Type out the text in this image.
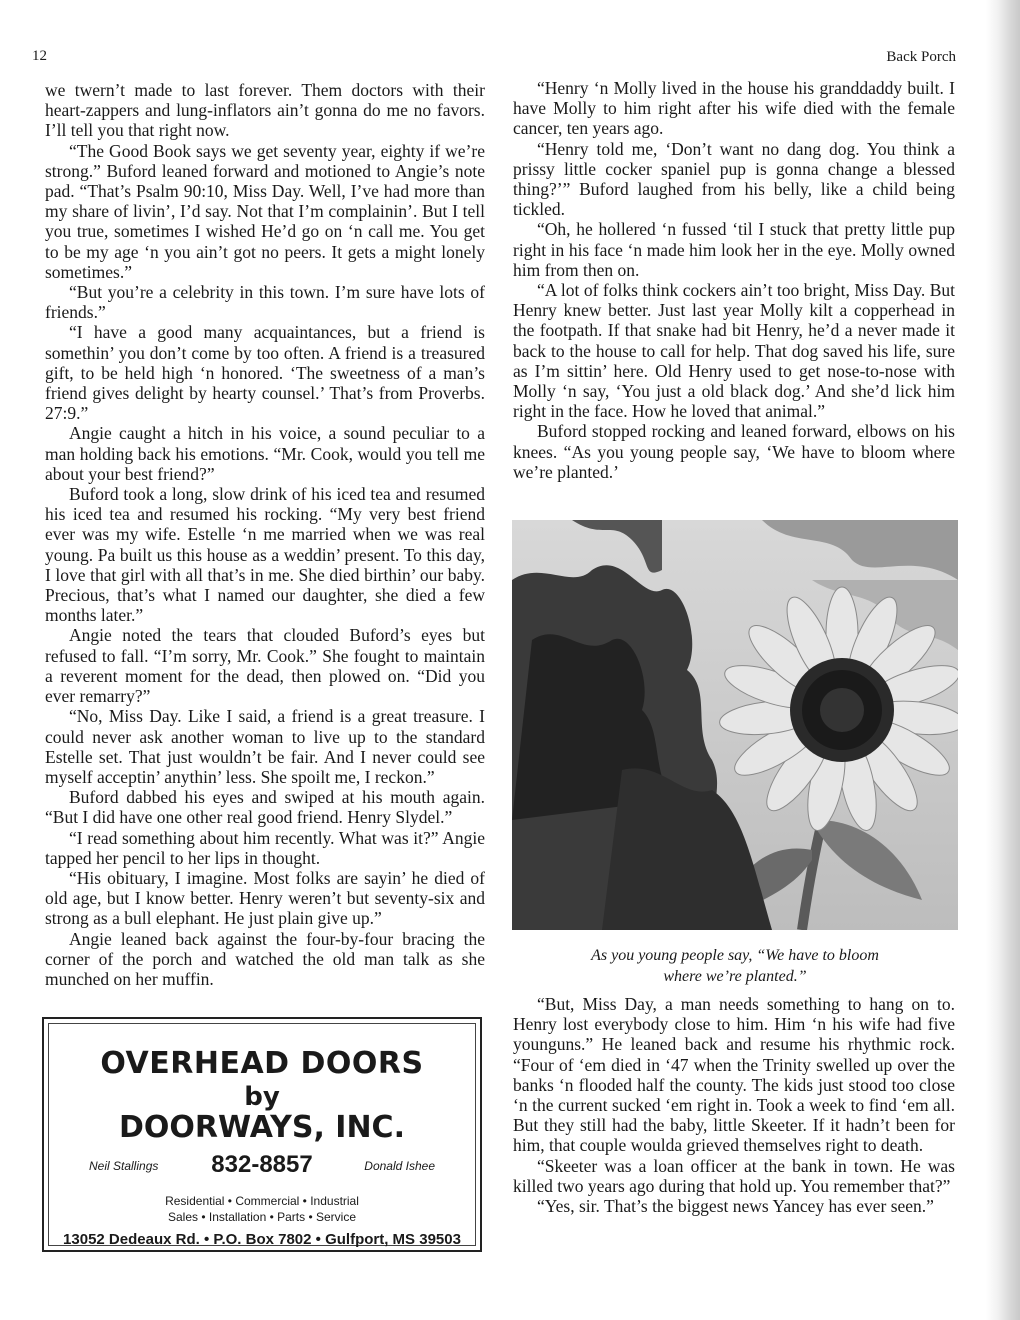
12	Back Porch

we twern’t made to last forever. Them doctors with their heart-zappers and lung-inflators ain’t gonna do me no favors. I’ll tell you that right now.

“The Good Book says we get seventy year, eighty if we’re strong.” Buford leaned forward and motioned to Angie’s note pad. “That’s Psalm 90:10, Miss Day. Well, I’ve had more than my share of livin’, I’d say. Not that I’m complainin’. But I tell you true, sometimes I wished He’d go on ‘n call me. You get to be my age ‘n you ain’t got no peers. It gets a might lonely sometimes.”

“But you’re a celebrity in this town. I’m sure have lots of friends.”

“I have a good many acquaintances, but a friend is somethin’ you don’t come by too often. A friend is a treasured gift, to be held high ‘n honored. ‘The sweetness of a man’s friend gives delight by hearty counsel.’ That’s from Proverbs. 27:9.”

Angie caught a hitch in his voice, a sound peculiar to a man holding back his emotions. “Mr. Cook, would you tell me about your best friend?”

Buford took a long, slow drink of his iced tea and resumed his iced tea and resumed his rocking. “My very best friend ever was my wife. Estelle ‘n me married when we was real young. Pa built us this house as a weddin’ present. To this day, I love that girl with all that’s in me. She died birthin’ our baby. Precious, that’s what I named our daughter, she died a few months later.”

Angie noted the tears that clouded Buford’s eyes but refused to fall. “I’m sorry, Mr. Cook.” She fought to maintain a reverent moment for the dead, then plowed on. “Did you ever remarry?”

“No, Miss Day. Like I said, a friend is a great treasure. I could never ask another woman to live up to the standard Estelle set. That just wouldn’t be fair. And I never could see myself acceptin’ anythin’ less. She spoilt me, I reckon.”

Buford dabbed his eyes and swiped at his mouth again. “But I did have one other real good friend. Henry Slydel.”

“I read something about him recently. What was it?” Angie tapped her pencil to her lips in thought.

“His obituary, I imagine. Most folks are sayin’ he died of old age, but I know better. Henry weren’t but seventy-six and strong as a bull elephant. He just plain give up.”

Angie leaned back against the four-by-four bracing the corner of the porch and watched the old man talk as she munched on her muffin.

OVERHEAD DOORS
by
DOORWAYS, INC.
Neil Stallings	832-8857	Donald Ishee
Residential • Commercial • Industrial
Sales • Installation • Parts • Service
13052 Dedeaux Rd. • P.O. Box 7802 • Gulfport, MS 39503

“Henry ‘n Molly lived in the house his granddaddy built. I have Molly to him right after his wife died with the female cancer, ten years ago.

“Henry told me, ‘Don’t want no dang dog. You think a prissy little cocker spaniel pup is gonna change a blessed thing?’” Buford laughed from his belly, like a child being tickled.

“Oh, he hollered ‘n fussed ‘til I stuck that pretty little pup right in his face ‘n made him look her in the eye. Molly owned him from then on.

“A lot of folks think cockers ain’t too bright, Miss Day. But Henry knew better. Just last year Molly kilt a copperhead in the footpath. If that snake had bit Henry, he’d a never made it back to the house to call for help. That dog saved his life, sure as I’m sittin’ here. Old Henry used to get nose-to-nose with Molly ‘n say, ‘You just a old black dog.’ And she’d lick him right in the face. How he loved that animal.”

Buford stopped rocking and leaned forward, elbows on his knees. “As you young people say, ‘We have to bloom where we’re planted.’

As you young people say, “We have to bloom
where we’re planted.”

“But, Miss Day, a man needs something to hang on to. Henry lost everybody close to him. Him ‘n his wife had five younguns.” He leaned back and resume his rhythmic rock. “Four of ‘em died in ‘47 when the Trinity swelled up over the banks ‘n flooded half the county. The kids just stood too close ‘n the current sucked ‘em right in. Took a week to find ‘em all. But they still had the baby, little Skeeter. If it hadn’t been for him, that couple woulda grieved themselves right to death.

“Skeeter was a loan officer at the bank in town. He was killed two years ago during that hold up. You remember that?”

“Yes, sir. That’s the biggest news Yancey has ever seen.”
